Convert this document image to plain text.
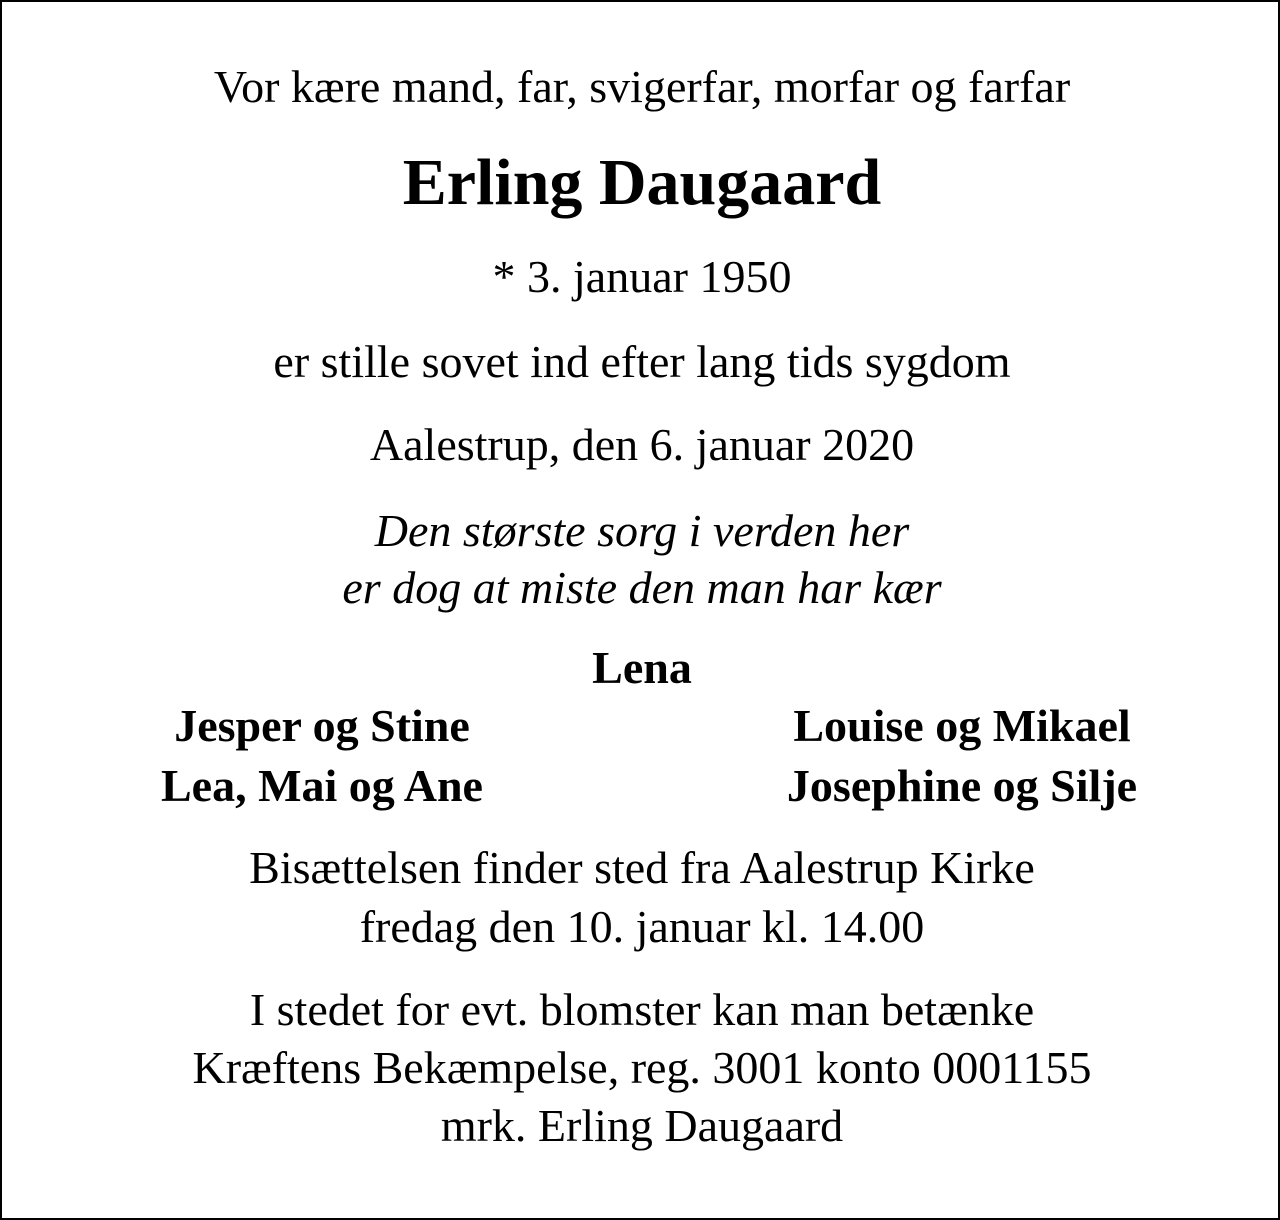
Vor kære mand, far, svigerfar, morfar og farfar
Erling Daugaard
* 3. januar 1950
er stille sovet ind efter lang tids sygdom
Aalestrup, den 6. januar 2020
Den største sorg i verden her
er dog at miste den man har kær
Lena
Jesper og Stine
Lea, Mai og Ane
Louise og Mikael
Josephine og Silje
Bisættelsen finder sted fra Aalestrup Kirke
fredag den 10. januar kl. 14.00
I stedet for evt. blomster kan man betænke
Kræftens Bekæmpelse, reg. 3001 konto 0001155
mrk. Erling Daugaard
